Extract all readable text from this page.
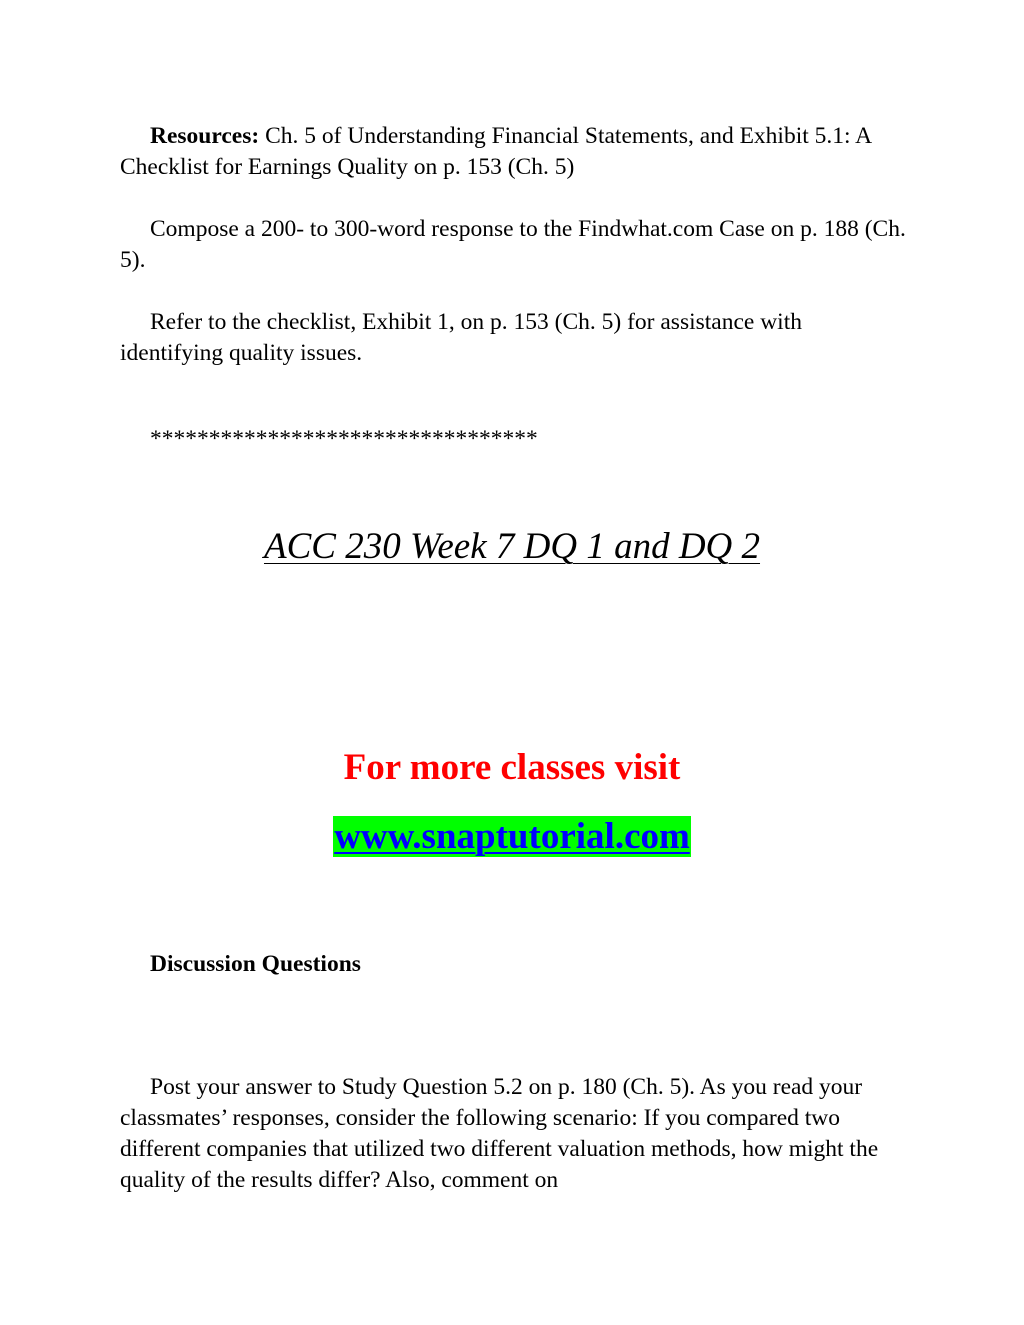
Resources: Ch. 5 of Understanding Financial Statements, and Exhibit 5.1: A Checklist for Earnings Quality on p. 153 (Ch. 5)

Compose a 200- to 300-word response to the Findwhat.com Case on p. 188 (Ch. 5).

Refer to the checklist, Exhibit 1, on p. 153 (Ch. 5) for assistance with identifying quality issues.

*********************************

ACC 230 Week 7 DQ 1 and DQ 2
For more classes visit
www.snaptutorial.com

Discussion Questions

Post your answer to Study Question 5.2 on p. 180 (Ch. 5). As you read your classmates’ responses, consider the following scenario: If you compared two different companies that utilized two different valuation methods, how might the quality of the results differ? Also, comment on
